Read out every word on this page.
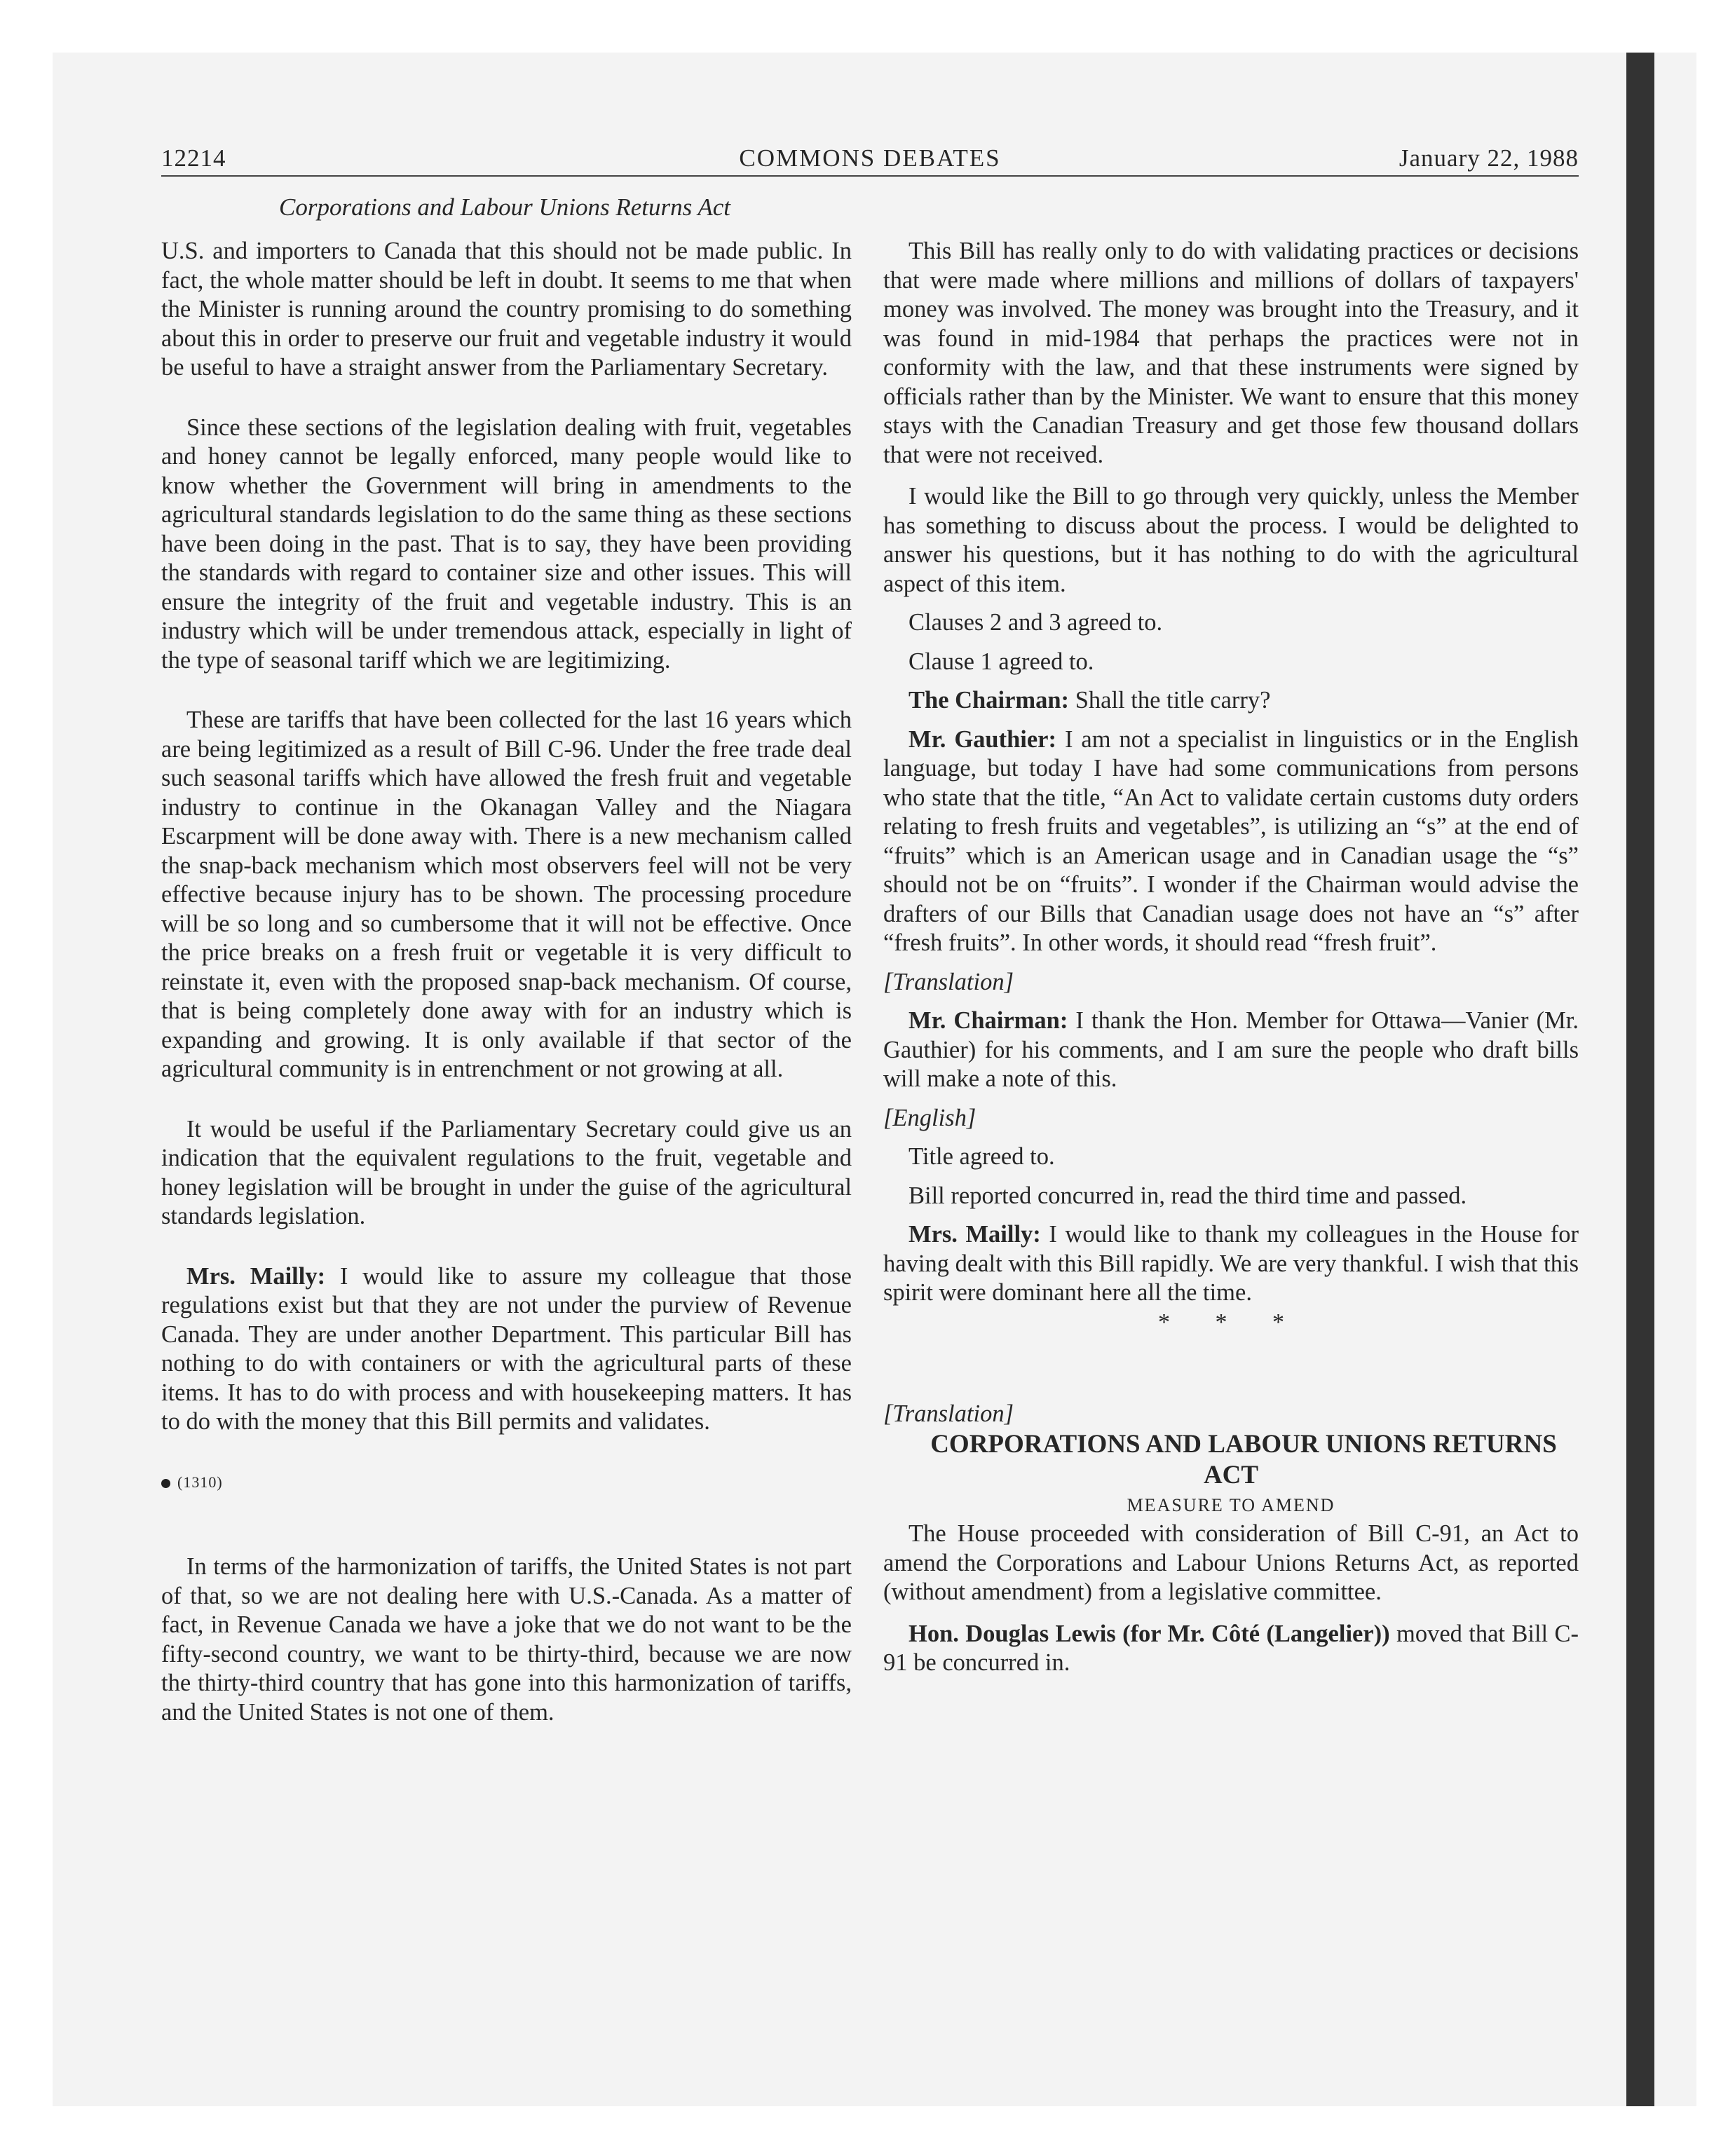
12214	COMMONS DEBATES	January 22, 1988
Corporations and Labour Unions Returns Act

U.S. and importers to Canada that this should not be made public. In fact, the whole matter should be left in doubt. It seems to me that when the Minister is running around the country promising to do something about this in order to preserve our fruit and vegetable industry it would be useful to have a straight answer from the Parliamentary Secretary.

Since these sections of the legislation dealing with fruit, vegetables and honey cannot be legally enforced, many people would like to know whether the Government will bring in amendments to the agricultural standards legislation to do the same thing as these sections have been doing in the past. That is to say, they have been providing the standards with regard to container size and other issues. This will ensure the integrity of the fruit and vegetable industry. This is an industry which will be under tremendous attack, especially in light of the type of seasonal tariff which we are legitimizing.

These are tariffs that have been collected for the last 16 years which are being legitimized as a result of Bill C-96. Under the free trade deal such seasonal tariffs which have allowed the fresh fruit and vegetable industry to continue in the Okanagan Valley and the Niagara Escarpment will be done away with. There is a new mechanism called the snap-back mechanism which most observers feel will not be very effective because injury has to be shown. The processing procedure will be so long and so cumbersome that it will not be effective. Once the price breaks on a fresh fruit or vegetable it is very difficult to reinstate it, even with the proposed snap-back mechanism. Of course, that is being completely done away with for an industry which is expanding and growing. It is only available if that sector of the agricultural community is in entrenchment or not growing at all.

It would be useful if the Parliamentary Secretary could give us an indication that the equivalent regulations to the fruit, vegetable and honey legislation will be brought in under the guise of the agricultural standards legislation.

Mrs. Mailly: I would like to assure my colleague that those regulations exist but that they are not under the purview of Revenue Canada. They are under another Department. This particular Bill has nothing to do with containers or with the agricultural parts of these items. It has to do with process and with housekeeping matters. It has to do with the money that this Bill permits and validates.

(1310)

In terms of the harmonization of tariffs, the United States is not part of that, so we are not dealing here with U.S.-Canada. As a matter of fact, in Revenue Canada we have a joke that we do not want to be the fifty-second country, we want to be thirty-third, because we are now the thirty-third country that has gone into this harmonization of tariffs, and the United States is not one of them.

This Bill has really only to do with validating practices or decisions that were made where millions and millions of dollars of taxpayers' money was involved. The money was brought into the Treasury, and it was found in mid-1984 that perhaps the practices were not in conformity with the law, and that these instruments were signed by officials rather than by the Minister. We want to ensure that this money stays with the Canadian Treasury and get those few thousand dollars that were not received.

I would like the Bill to go through very quickly, unless the Member has something to discuss about the process. I would be delighted to answer his questions, but it has nothing to do with the agricultural aspect of this item.

Clauses 2 and 3 agreed to.

Clause 1 agreed to.

The Chairman: Shall the title carry?

Mr. Gauthier: I am not a specialist in linguistics or in the English language, but today I have had some communications from persons who state that the title, “An Act to validate certain customs duty orders relating to fresh fruits and vegetables”, is utilizing an “s” at the end of “fruits” which is an American usage and in Canadian usage the “s” should not be on “fruits”. I wonder if the Chairman would advise the drafters of our Bills that Canadian usage does not have an “s” after “fresh fruits”. In other words, it should read “fresh fruit”.

[Translation]

Mr. Chairman: I thank the Hon. Member for Ottawa—Vanier (Mr. Gauthier) for his comments, and I am sure the people who draft bills will make a note of this.

[English]

Title agreed to.

Bill reported concurred in, read the third time and passed.

Mrs. Mailly: I would like to thank my colleagues in the House for having dealt with this Bill rapidly. We are very thankful. I wish that this spirit were dominant here all the time.

* * *

[Translation]

CORPORATIONS AND LABOUR UNIONS RETURNS ACT

MEASURE TO AMEND

The House proceeded with consideration of Bill C-91, an Act to amend the Corporations and Labour Unions Returns Act, as reported (without amendment) from a legislative committee.

Hon. Douglas Lewis (for Mr. Côté (Langelier)) moved that Bill C-91 be concurred in.
